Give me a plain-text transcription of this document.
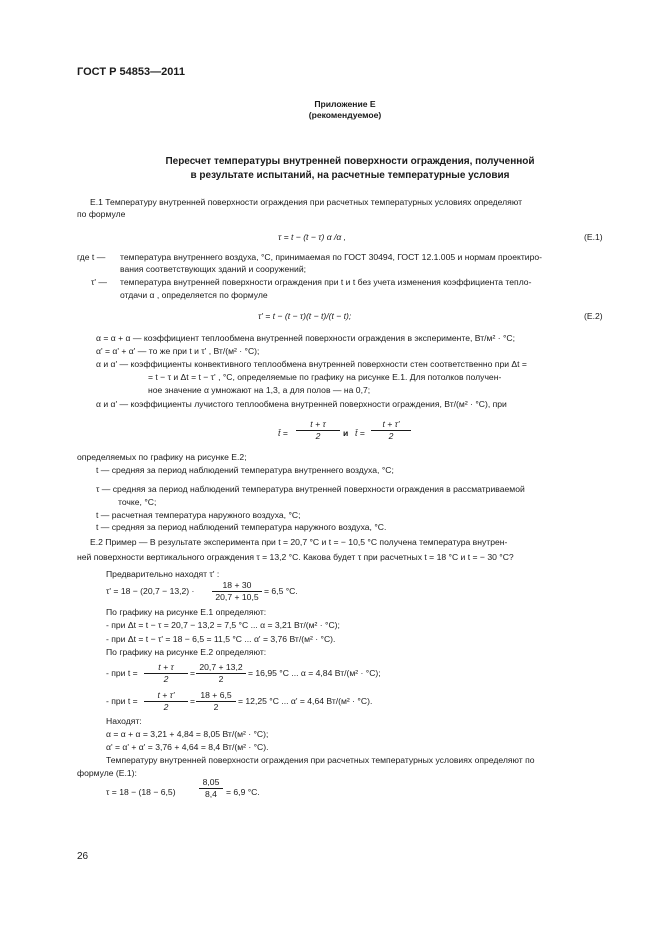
ГОСТ Р 54853—2011
Приложение Е
(рекомендуемое)
Пересчет температуры внутренней поверхности ограждения, полученной
в результате испытаний, на расчетные температурные условия
Е.1 Температуру внутренней поверхности ограждения при расчетных температурных условиях определяют
по формуле
τ = t − (t − τ) α /α ,	(Е.1)
где t — температура внутреннего воздуха, °С, принимаемая по ГОСТ 30494, ГОСТ 12.1.005 и нормам проектиро-
вания соответствующих зданий и сооружений;
τ' — температура внутренней поверхности ограждения при t и t без учета изменения коэффициента тепло-
отдачи α , определяется по формуле
τ' = t − (t − τ)(t − t)/(t − t);	(Е.2)
α = α + α — коэффициент теплообмена внутренней поверхности ограждения в эксперименте, Вт/м² · °С;
α' = α' + α' — то же при t и τ' , Вт/(м² · °С);
α и α' — коэффициенты конвективного теплообмена внутренней поверхности стен соответственно при Δt =
= t − τ и Δt = t − τ' , °С, определяемые по графику на рисунке Е.1. Для потолков получен-
ное значение α умножают на 1,3, а для полов — на 0,7;
α и α' — коэффициенты лучистого теплообмена внутренней поверхности ограждения, Вт/(м² · °С), при
t̄ = $\frac{t + \tau}{2}$ и t̄ = $\frac{t + \tau'}{2}$
определяемых по графику на рисунке Е.2;
t — средняя за период наблюдений температура внутреннего воздуха, °С;
τ — средняя за период наблюдений температура внутренней поверхности ограждения в рассматриваемой
точке, °С;
t — расчетная температура наружного воздуха, °С;
t — средняя за период наблюдений температура наружного воздуха, °С.
Е.2 Пример — В результате эксперимента при t = 20,7 °С и t = − 10,5 °С получена температура внутрен-
ней поверхности вертикального ограждения τ = 13,2 °С. Какова будет τ при расчетных t = 18 °С и t = − 30 °С?
Предварительно находят τ' :
$\tau' = 18 - (20,7 - 13,2) \cdot \frac{18 + 30}{20,7 + 10,5} = 6,5$ °С.
По графику на рисунке Е.1 определяют:
- при Δt = t − τ = 20,7 − 13,2 = 7,5 °С ... α = 3,21 Вт/(м² · °С);
- при Δt = t − τ' = 18 − 6,5 = 11,5 °С ... α' = 3,76 Вт/(м² · °С).
По графику на рисунке Е.2 определяют:
- при $t = \frac{t + \tau}{2} = \frac{20,7 + 13,2}{2} = 16,95$ °С ... α = 4,84 Вт/(м² · °С);
- при $t = \frac{t + \tau'}{2} = \frac{18 + 6,5}{2} = 12,25$ °С ... α' = 4,64 Вт/(м² · °С).
Находят:
α = α + α = 3,21 + 4,84 = 8,05 Вт/(м² · °С);
α' = α' + α' = 3,76 + 4,64 = 8,4 Вт/(м² · °С).
Температуру внутренней поверхности ограждения при расчетных температурных условиях определяют по
формуле (Е.1):
τ = 18 − (18 − 6,5)	$\frac{8,05}{8,4} = 6,9$ °С.
26
